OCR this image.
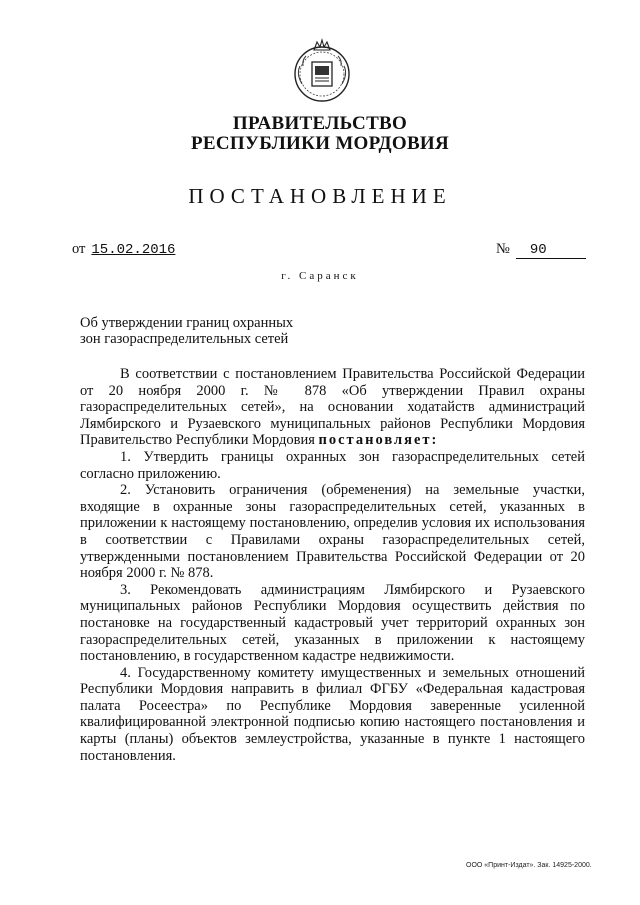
ПРАВИТЕЛЬСТВО
РЕСПУБЛИКИ МОРДОВИЯ
ПОСТАНОВЛЕНИЕ
от 15.02.2016	№ 90
г. Саранск
Об утверждении границ охранных
зон газораспределительных сетей

В соответствии с постановлением Правительства Российской Федерации от 20 ноября 2000 г. № 878 «Об утверждении Правил охраны газораспределительных сетей», на основании ходатайств администраций Лямбирского и Рузаевского муниципальных районов Республики Мордовия Правительство Республики Мордовия постановляет:

1. Утвердить границы охранных зон газораспределительных сетей согласно приложению.

2. Установить ограничения (обременения) на земельные участки, входящие в охранные зоны газораспределительных сетей, указанных в приложении к настоящему постановлению, определив условия их использования в соответствии с Правилами охраны газораспределительных сетей, утвержденными постановлением Правительства Российской Федерации от 20 ноября 2000 г. № 878.

3. Рекомендовать администрациям Лямбирского и Рузаевского муниципальных районов Республики Мордовия осуществить действия по постановке на государственный кадастровый учет территорий охранных зон газораспределительных сетей, указанных в приложении к настоящему постановлению, в государственном кадастре недвижимости.

4. Государственному комитету имущественных и земельных отношений Республики Мордовия направить в филиал ФГБУ «Федеральная кадастровая палата Росеестра» по Республике Мордовия заверенные усиленной квалифицированной электронной подписью копию настоящего постановления и карты (планы) объектов землеустройства, указанные в пункте 1 настоящего постановления.

ООО «Принт-Издат». Зак. 14925-2000.
